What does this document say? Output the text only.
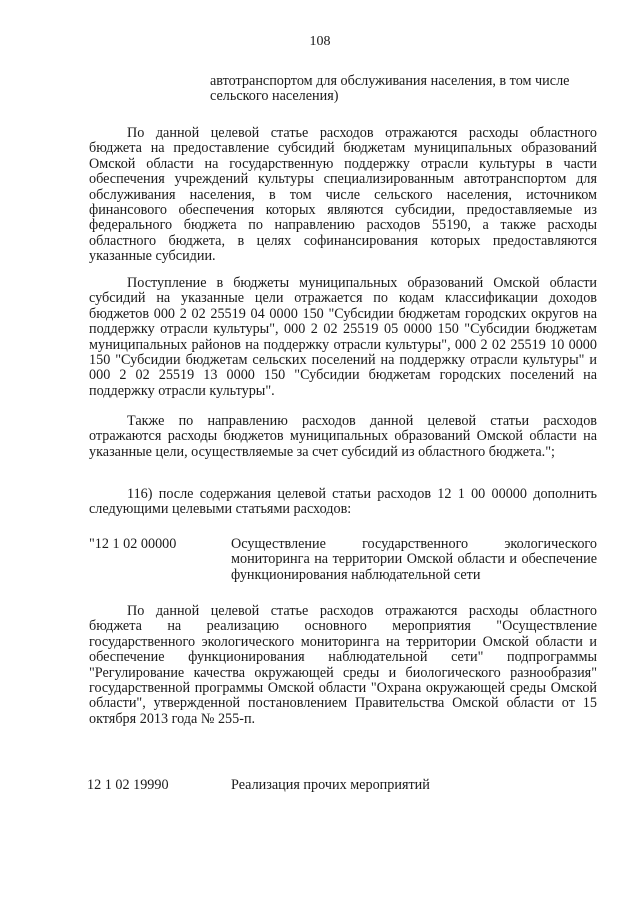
108
автотранспортом для обслуживания населения, в том числе сельского населения)

По данной целевой статье расходов отражаются расходы областного бюджета на предоставление субсидий бюджетам муниципальных образований Омской области на государственную поддержку отрасли культуры в части обеспечения учреждений культуры специализированным автотранспортом для обслуживания населения, в том числе сельского населения, источником финансового обеспечения которых являются субсидии, предоставляемые из федерального бюджета по направлению расходов 55190, а также расходы областного бюджета, в целях софинансирования которых предоставляются указанные субсидии.

Поступление в бюджеты муниципальных образований Омской области субсидий на указанные цели отражается по кодам классификации доходов бюджетов 000 2 02 25519 04 0000 150 "Субсидии бюджетам городских округов на поддержку отрасли культуры", 000 2 02 25519 05 0000 150 "Субсидии бюджетам муниципальных районов на поддержку отрасли культуры", 000 2 02 25519 10 0000 150 "Субсидии бюджетам сельских поселений на поддержку отрасли культуры" и 000 2 02 25519 13 0000 150 "Субсидии бюджетам городских поселений на поддержку отрасли культуры".

Также по направлению расходов данной целевой статьи расходов отражаются расходы бюджетов муниципальных образований Омской области на указанные цели, осуществляемые за счет субсидий из областного бюджета.";

116) после содержания целевой статьи расходов 12 1 00 00000 дополнить следующими целевыми статьями расходов:

"12 1 02 00000	Осуществление государственного экологического мониторинга на территории Омской области и обеспечение функционирования наблюдательной сети

По данной целевой статье расходов отражаются расходы областного бюджета на реализацию основного мероприятия "Осуществление государственного экологического мониторинга на территории Омской области и обеспечение функционирования наблюдательной сети" подпрограммы "Регулирование качества окружающей среды и биологического разнообразия" государственной программы Омской области "Охрана окружающей среды Омской области", утвержденной постановлением Правительства Омской области от 15 октября 2013 года № 255-п.

12 1 02 19990	Реализация прочих мероприятий
